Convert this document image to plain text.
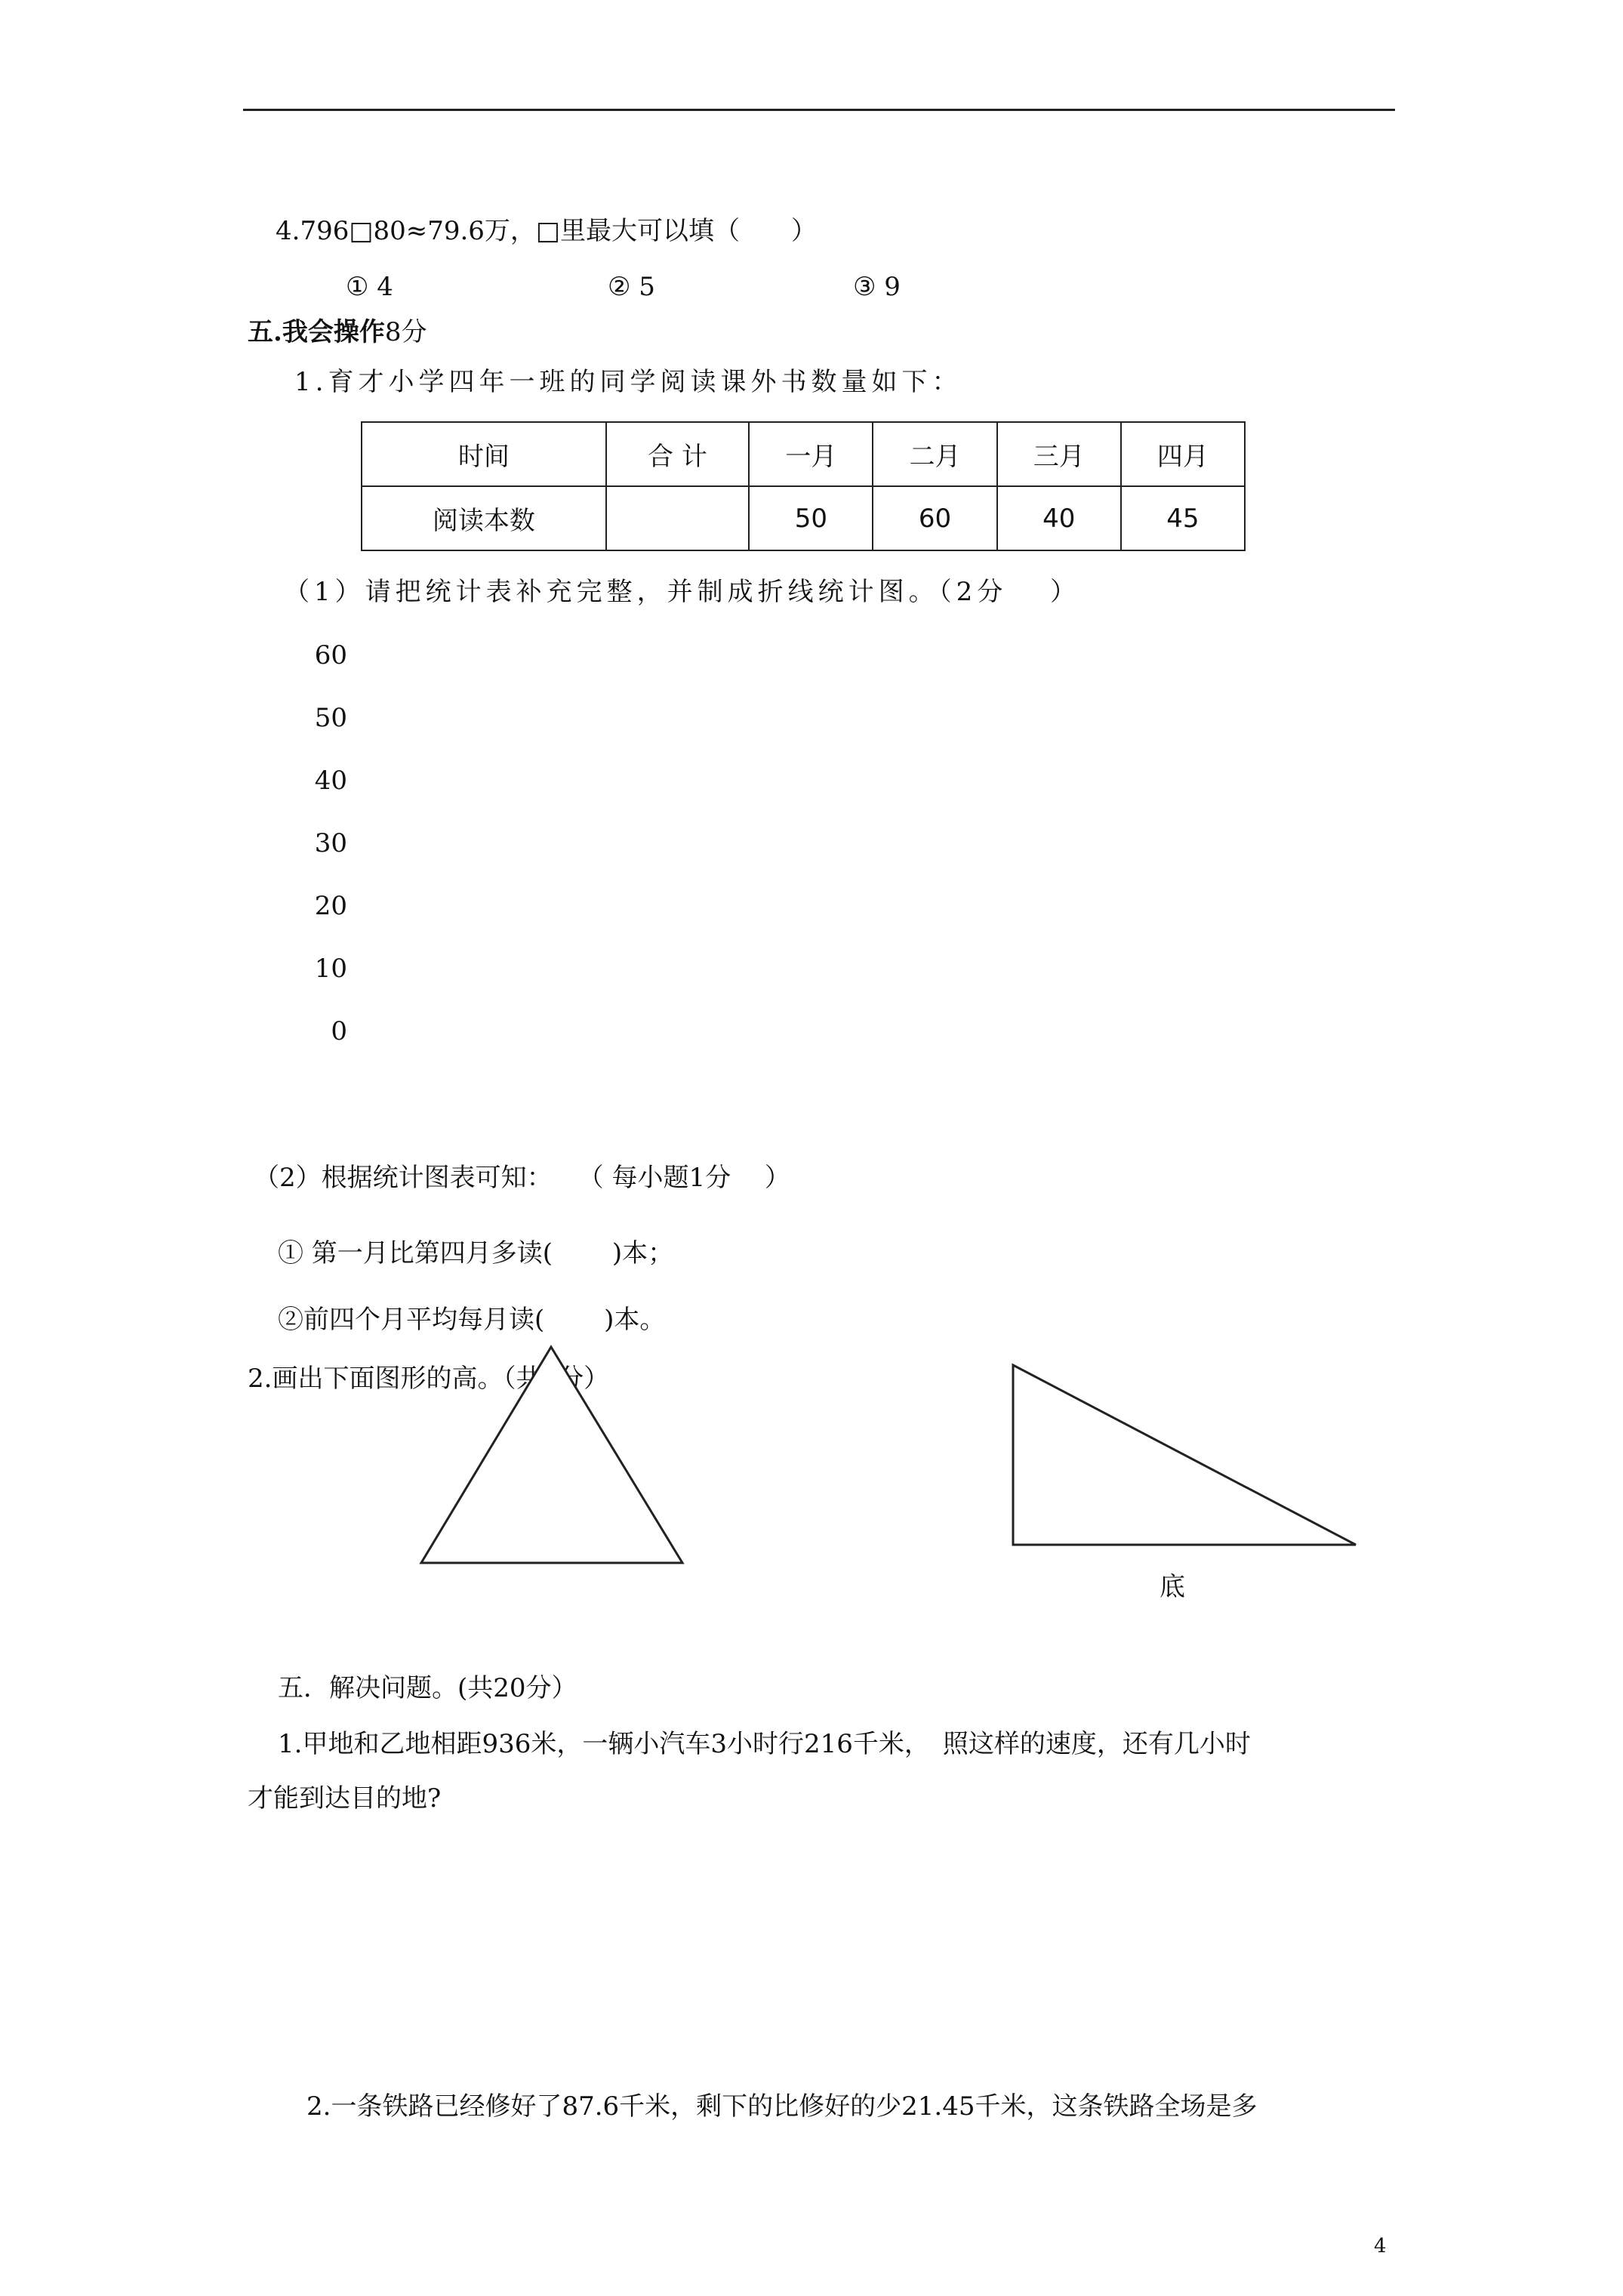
4.796□80≈79.6万，□里最大可以填（　　）
① 4	② 5	③ 9
五.我会操作8分
1.育才小学四年一班的同学阅读课外书数量如下：
时间	合 计	一月	二月	三月	四月
阅读本数		50	60	40	45
（1）请把统计表补充完整，并制成折线统计图。（2分　 ）
60
50
40
30
20
10
0
（2）根据统计图表可知：　　（ 每小题1分　 ）
① 第一月比第四月多读(　　 )本；
②前四个月平均每月读(　　 )本。
2.画出下面图形的高。（共4分）
底
五．解决问题。(共20分）
1.甲地和乙地相距936米，一辆小汽车3小时行216千米，　照这样的速度，还有几小时
才能到达目的地?
2.一条铁路已经修好了87.6千米，剩下的比修好的少21.45千米，这条铁路全场是多
4
